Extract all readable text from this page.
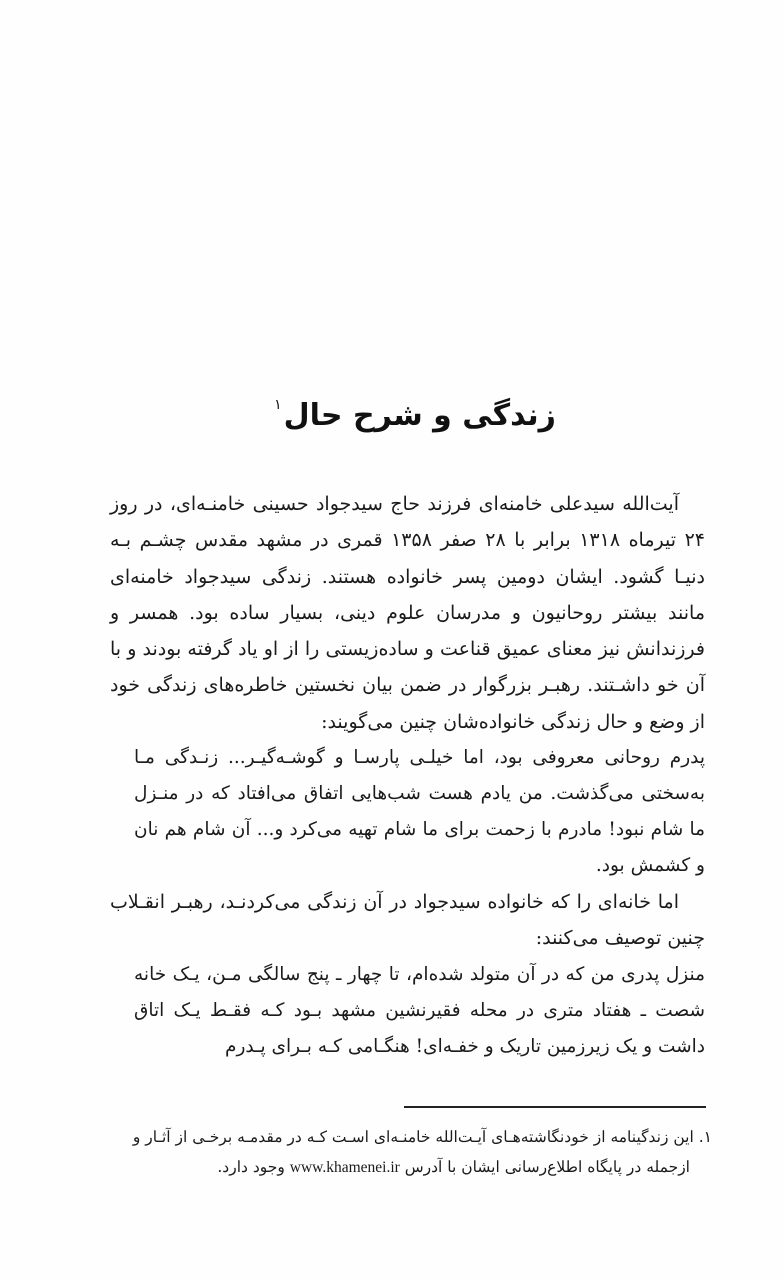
زندگی و شرح حال$^۱$

آیت‌الله سیدعلی خامنه‌ای فرزند حاج سیدجواد حسینی خامنـه‌ای، در روز ۲۴ تیرماه ۱۳۱۸ برابر با ۲۸ صفر ۱۳۵۸ قمری در مشهد مقدس چشـم بـه دنیـا گشود. ایشان دومین پسر خانواده هستند. زندگی سیدجواد خامنه‌ای مانند بیشتر روحانیون و مدرسان علوم دینی، بسیار ساده بود. همسر و فرزندانش نیز معنای عمیق قناعت و ساده‌زیستی را از او یاد گرفته بودند و با آن خو داشـتند. رهبـر بزرگوار در ضمن بیان نخستین خاطره‌های زندگی خود از وضع و حال زندگی خانواده‌شان چنین می‌گویند:

پدرم روحانی معروفی بود، اما خیلـی پارسـا و گوشـه‌گیـر... زنـدگی مـا به‌سختی می‌گذشت. من یادم هست شب‌هایی اتفاق می‌افتاد که در منـزل ما شام نبود! مادرم با زحمت برای ما شام تهیه می‌کرد و... آن شام هم نان و کشمش بود.

اما خانه‌ای را که خانواده سیدجواد در آن زندگی می‌کردنـد، رهبـر انقـلاب چنین توصیف می‌کنند:

منزل پدری من که در آن متولد شده‌ام، تا چهار ـ پنج سالگی مـن، یـک خانه شصت ـ هفتاد متری در محله فقیرنشین مشهد بـود کـه فقـط یـک اتاق داشت و یک زیرزمین تاریک و خفـه‌ای! هنگـامی کـه بـرای پـدرم

۱. این زندگینامه از خودنگاشته‌هـای آیـت‌الله خامنـه‌ای اسـت کـه در مقدمـه برخـی از آثـار و
ازجمله در پایگاه اطلاع‌رسانی ایشان با آدرس www.khamenei.ir وجود دارد.
